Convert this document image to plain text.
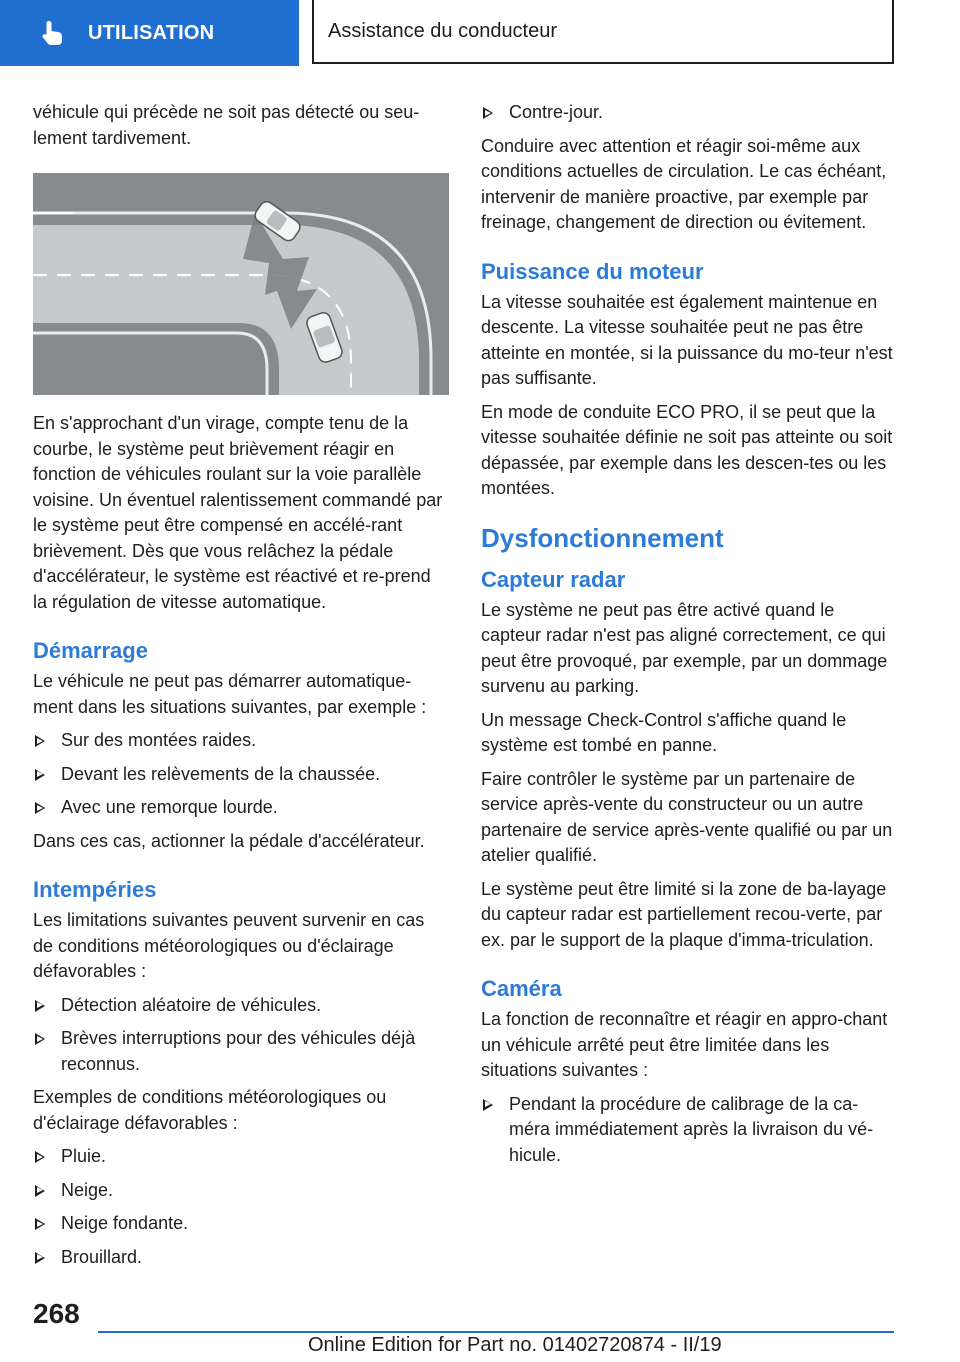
UTILISATION	Assistance du conducteur

véhicule qui précède ne soit pas détecté ou seu-lement tardivement.

En s'approchant d'un virage, compte tenu de la courbe, le système peut brièvement réagir en fonction de véhicules roulant sur la voie parallèle voisine. Un éventuel ralentissement commandé par le système peut être compensé en accélé-rant brièvement. Dès que vous relâchez la pédale d'accélérateur, le système est réactivé et re-prend la régulation de vitesse automatique.

Démarrage

Le véhicule ne peut pas démarrer automatique-ment dans les situations suivantes, par exemple :

Sur des montées raides.
Devant les relèvements de la chaussée.
Avec une remorque lourde.

Dans ces cas, actionner la pédale d'accélérateur.

Intempéries

Les limitations suivantes peuvent survenir en cas de conditions météorologiques ou d'éclairage défavorables :

Détection aléatoire de véhicules.
Brèves interruptions pour des véhicules déjà reconnus.

Exemples de conditions météorologiques ou d'éclairage défavorables :

Pluie.
Neige.
Neige fondante.
Brouillard.
Contre-jour.

Conduire avec attention et réagir soi-même aux conditions actuelles de circulation. Le cas échéant, intervenir de manière proactive, par exemple par freinage, changement de direction ou évitement.

Puissance du moteur

La vitesse souhaitée est également maintenue en descente. La vitesse souhaitée peut ne pas être atteinte en montée, si la puissance du mo-teur n'est pas suffisante.

En mode de conduite ECO PRO, il se peut que la vitesse souhaitée définie ne soit pas atteinte ou soit dépassée, par exemple dans les descen-tes ou les montées.

Dysfonctionnement
Capteur radar

Le système ne peut pas être activé quand le capteur radar n'est pas aligné correctement, ce qui peut être provoqué, par exemple, par un dommage survenu au parking.

Un message Check-Control s'affiche quand le système est tombé en panne.

Faire contrôler le système par un partenaire de service après-vente du constructeur ou un autre partenaire de service après-vente qualifié ou par un atelier qualifié.

Le système peut être limité si la zone de ba-layage du capteur radar est partiellement recou-verte, par ex. par le support de la plaque d'imma-triculation.

Caméra

La fonction de reconnaître et réagir en appro-chant un véhicule arrêté peut être limitée dans les situations suivantes :

Pendant la procédure de calibrage de la ca-méra immédiatement après la livraison du vé-hicule.
268
Online Edition for Part no. 01402720874 - II/19
